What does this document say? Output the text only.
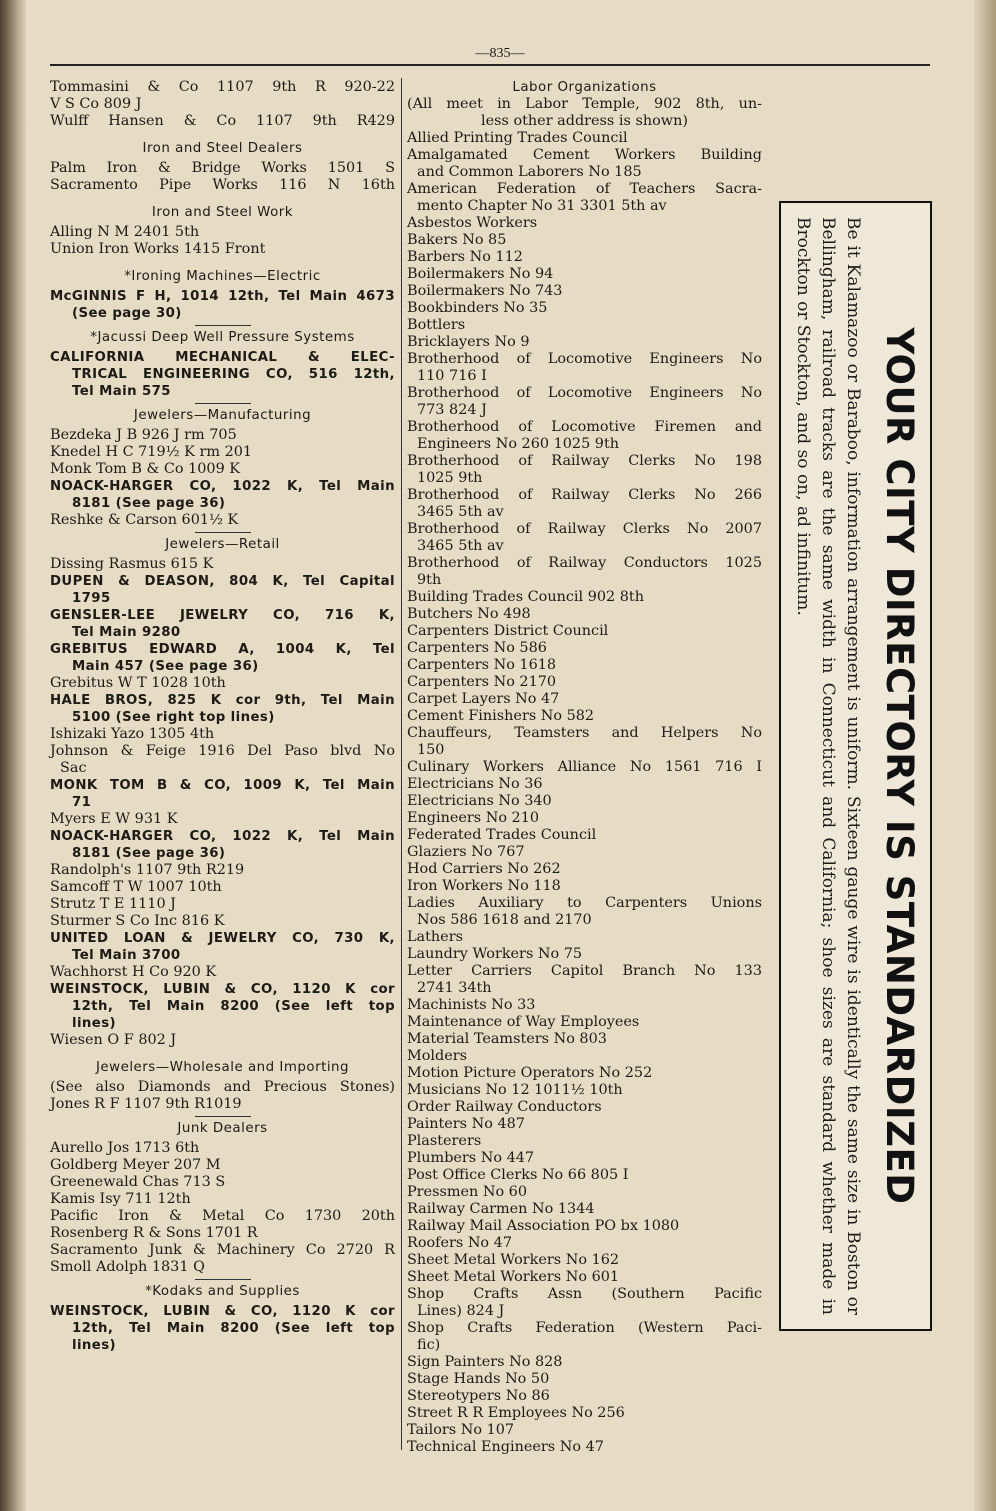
—835—
Tommasini & Co 1107 9th R 920-22
V S Co 809 J
Wulff Hansen & Co 1107 9th R429
Iron and Steel Dealers
Palm Iron & Bridge Works 1501 S
Sacramento Pipe Works 116 N 16th
Iron and Steel Work
Alling N M 2401 5th
Union Iron Works 1415 Front
*Ironing Machines—Electric
McGINNIS F H, 1014 12th, Tel Main 4673
(See page 30)
*Jacussi Deep Well Pressure Systems
CALIFORNIA MECHANICAL & ELEC-
TRICAL ENGINEERING CO, 516 12th,
Tel Main 575
Jewelers—Manufacturing
Bezdeka J B 926 J rm 705
Knedel H C 719½ K rm 201
Monk Tom B & Co 1009 K
NOACK-HARGER CO, 1022 K, Tel Main
8181 (See page 36)
Reshke & Carson 601½ K
Jewelers—Retail
Dissing Rasmus 615 K
DUPEN & DEASON, 804 K, Tel Capital
1795
GENSLER-LEE JEWELRY CO, 716 K,
Tel Main 9280
GREBITUS EDWARD A, 1004 K, Tel
Main 457 (See page 36)
Grebitus W T 1028 10th
HALE BROS, 825 K cor 9th, Tel Main
5100 (See right top lines)
Ishizaki Yazo 1305 4th
Johnson & Feige 1916 Del Paso blvd No
Sac
MONK TOM B & CO, 1009 K, Tel Main
71
Myers E W 931 K
NOACK-HARGER CO, 1022 K, Tel Main
8181 (See page 36)
Randolph's 1107 9th R219
Samcoff T W 1007 10th
Strutz T E 1110 J
Sturmer S Co Inc 816 K
UNITED LOAN & JEWELRY CO, 730 K,
Tel Main 3700
Wachhorst H Co 920 K
WEINSTOCK, LUBIN & CO, 1120 K cor
12th, Tel Main 8200 (See left top
lines)
Wiesen O F 802 J
Jewelers—Wholesale and Importing
(See also Diamonds and Precious Stones)
Jones R F 1107 9th R1019
Junk Dealers
Aurello Jos 1713 6th
Goldberg Meyer 207 M
Greenewald Chas 713 S
Kamis Isy 711 12th
Pacific Iron & Metal Co 1730 20th
Rosenberg R & Sons 1701 R
Sacramento Junk & Machinery Co 2720 R
Smoll Adolph 1831 Q
*Kodaks and Supplies
WEINSTOCK, LUBIN & CO, 1120 K cor
12th, Tel Main 8200 (See left top
lines)
Labor Organizations
(All meet in Labor Temple, 902 8th, un-
less other address is shown)
Allied Printing Trades Council
Amalgamated Cement Workers Building
and Common Laborers No 185
American Federation of Teachers Sacra-
mento Chapter No 31 3301 5th av
Asbestos Workers
Bakers No 85
Barbers No 112
Boilermakers No 94
Boilermakers No 743
Bookbinders No 35
Bottlers
Bricklayers No 9
Brotherhood of Locomotive Engineers No
110 716 I
Brotherhood of Locomotive Engineers No
773 824 J
Brotherhood of Locomotive Firemen and
Engineers No 260 1025 9th
Brotherhood of Railway Clerks No 198
1025 9th
Brotherhood of Railway Clerks No 266
3465 5th av
Brotherhood of Railway Clerks No 2007
3465 5th av
Brotherhood of Railway Conductors 1025
9th
Building Trades Council 902 8th
Butchers No 498
Carpenters District Council
Carpenters No 586
Carpenters No 1618
Carpenters No 2170
Carpet Layers No 47
Cement Finishers No 582
Chauffeurs, Teamsters and Helpers No
150
Culinary Workers Alliance No 1561 716 I
Electricians No 36
Electricians No 340
Engineers No 210
Federated Trades Council
Glaziers No 767
Hod Carriers No 262
Iron Workers No 118
Ladies Auxiliary to Carpenters Unions
Nos 586 1618 and 2170
Lathers
Laundry Workers No 75
Letter Carriers Capitol Branch No 133
2741 34th
Machinists No 33
Maintenance of Way Employees
Material Teamsters No 803
Molders
Motion Picture Operators No 252
Musicians No 12 1011½ 10th
Order Railway Conductors
Painters No 487
Plasterers
Plumbers No 447
Post Office Clerks No 66 805 I
Pressmen No 60
Railway Carmen No 1344
Railway Mail Association PO bx 1080
Roofers No 47
Sheet Metal Workers No 162
Sheet Metal Workers No 601
Shop Crafts Assn (Southern Pacific
Lines) 824 J
Shop Crafts Federation (Western Paci-
fic)
Sign Painters No 828
Stage Hands No 50
Stereotypers No 86
Street R R Employees No 256
Tailors No 107
Technical Engineers No 47
YOUR CITY DIRECTORY IS STANDARDIZED
Be it Kalamazoo or Baraboo, information arrangement is uniform. Sixteen gauge wire is identically the same size in Boston or Bellingham, railroad tracks are the same width in Connecticut and California; shoe sizes are standard whether made in Brockton or Stockton, and so on, ad infinitum.
